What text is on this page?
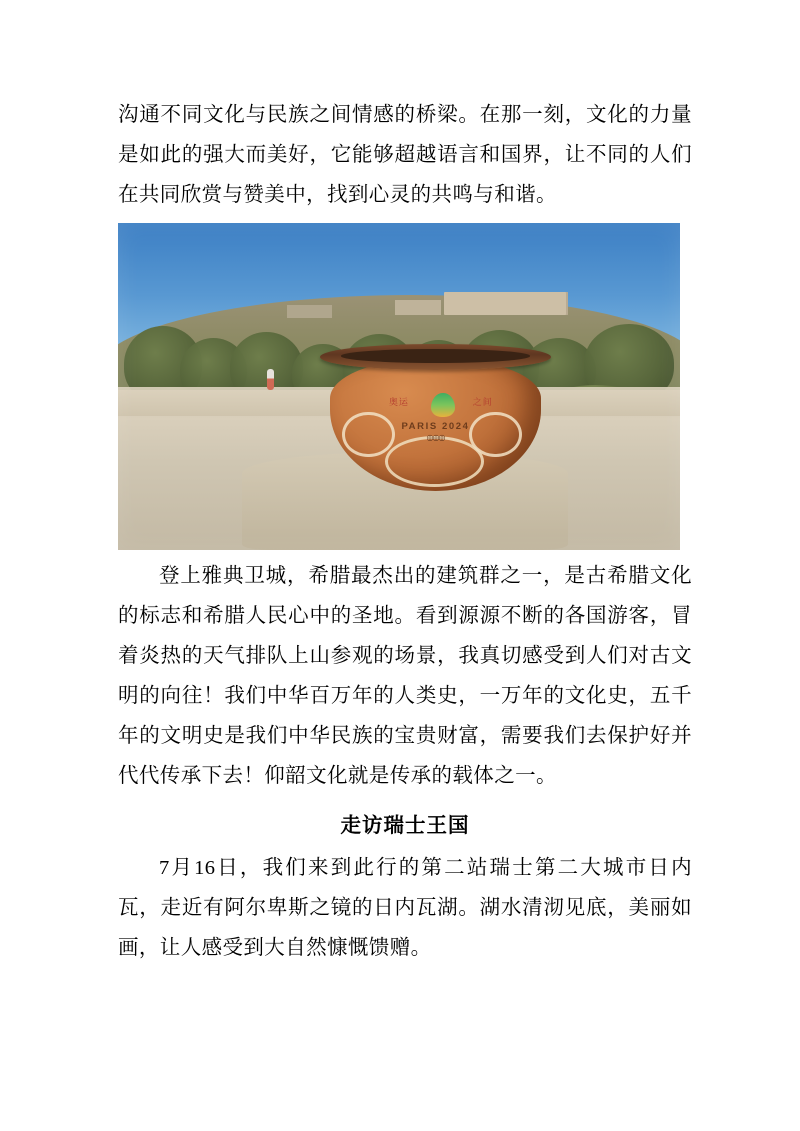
沟通不同文化与民族之间情感的桥梁。在那一刻，文化的力量是如此的强大而美好，它能够超越语言和国界，让不同的人们在共同欣赏与赞美中，找到心灵的共鸣与和谐。

奥运	之间
PARIS 2024
◎◎◎

登上雅典卫城，希腊最杰出的建筑群之一，是古希腊文化的标志和希腊人民心中的圣地。看到源源不断的各国游客，冒着炎热的天气排队上山参观的场景，我真切感受到人们对古文明的向往！我们中华百万年的人类史，一万年的文化史，五千年的文明史是我们中华民族的宝贵财富，需要我们去保护好并代代传承下去！仰韶文化就是传承的载体之一。

走访瑞士王国

7月16日，我们来到此行的第二站瑞士第二大城市日内瓦，走近有阿尔卑斯之镜的日内瓦湖。湖水清沏见底，美丽如画，让人感受到大自然慷慨馈赠。
